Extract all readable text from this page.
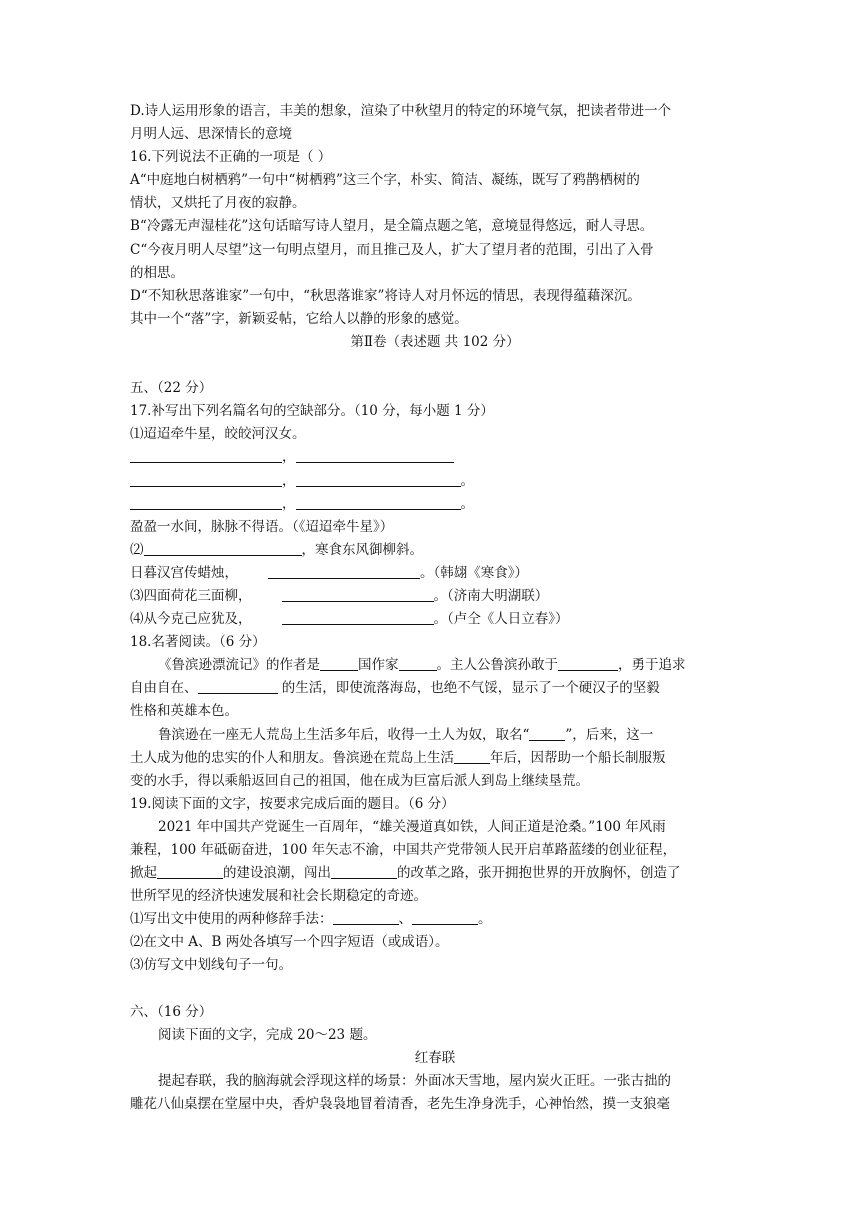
D.诗人运用形象的语言，丰美的想象，渲染了中秋望月的特定的环境气氛，把读者带进一个
月明人远、思深情长的意境
16.下列说法不正确的一项是（ ）
A“中庭地白树栖鸦”一句中“树栖鸦”这三个字，朴实、简洁、凝练，既写了鸦鹊栖树的
情状，又烘托了月夜的寂静。
B“冷露无声湿桂花”这句话暗写诗人望月，是全篇点题之笔，意境显得悠远，耐人寻思。
C“今夜月明人尽望”这一句明点望月，而且推己及人，扩大了望月者的范围，引出了入骨
的相思。
D“不知秋思落谁家”一句中，“秋思落谁家”将诗人对月怀远的情思，表现得蕴藉深沉。
其中一个“落”字，新颖妥帖，它给人以静的形象的感觉。
第Ⅱ卷（表述题 共 102 分）
五、（22 分）
17.补写出下列名篇名句的空缺部分。（10 分，每小题 1 分）
⑴迢迢牵牛星，皎皎河汉女。
，
，	。
，	。
盈盈一水间，脉脉不得语。（《迢迢牵牛星》）
⑵	，寒食东风御柳斜。
日暮汉宫传蜡烛，	。（韩翃《寒食》）
⑶四面荷花三面柳，	。（济南大明湖联）
⑷从今克己应犹及，	。（卢仝《人日立春》）
18.名著阅读。（6 分）
《鲁滨逊漂流记》的作者是	国作家	。主人公鲁滨孙敢于	，勇于追求
自由自在、	的生活，即使流落海岛，也绝不气馁，显示了一个硬汉子的坚毅
性格和英雄本色。
鲁滨逊在一座无人荒岛上生活多年后，收得一土人为奴，取名“	”，后来，这一
土人成为他的忠实的仆人和朋友。鲁滨逊在荒岛上生活	年后，因帮助一个船长制服叛
变的水手，得以乘船返回自己的祖国，他在成为巨富后派人到岛上继续垦荒。
19.阅读下面的文字，按要求完成后面的题目。（6 分）
2021 年中国共产党诞生一百周年，“雄关漫道真如铁，人间正道是沧桑。”100 年风雨
兼程，100 年砥砺奋进，100 年矢志不渝，中国共产党带领人民开启革路蓝缕的创业征程，
掀起	的建设浪潮，闯出	的改革之路，张开拥抱世界的开放胸怀，创造了
世所罕见的经济快速发展和社会长期稳定的奇迹。
⑴写出文中使用的两种修辞手法：	、	。
⑵在文中 A、B 两处各填写一个四字短语（或成语）。
⑶仿写文中划线句子一句。
六、（16 分）
阅读下面的文字，完成 20～23 题。
红春联
提起春联，我的脑海就会浮现这样的场景：外面冰天雪地，屋内炭火正旺。一张古拙的
雕花八仙桌摆在堂屋中央，香炉袅袅地冒着清香，老先生净身洗手，心神怡然，摸一支狼毫
